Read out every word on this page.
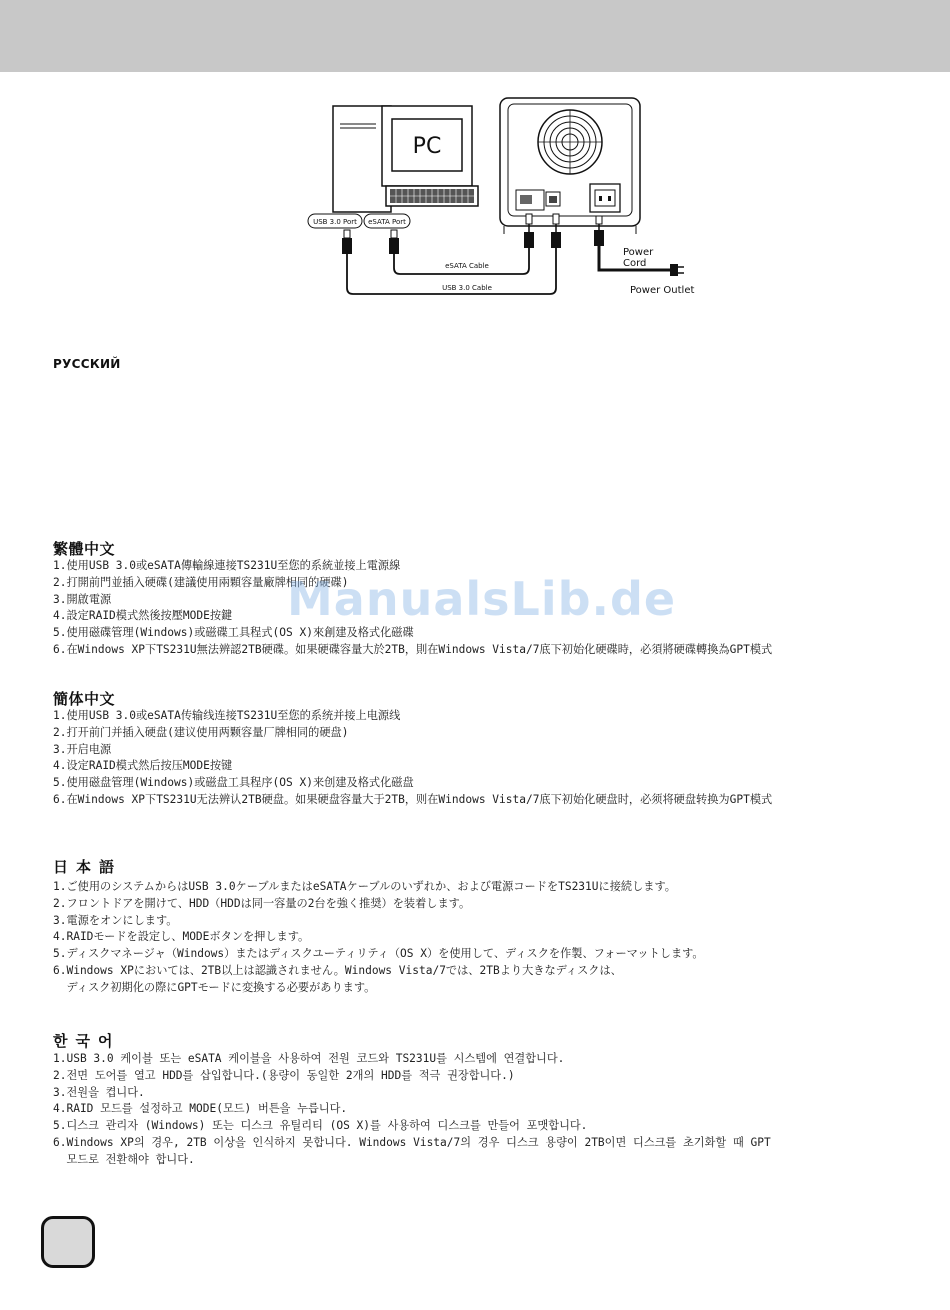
PC
USB 3.0 Port eSATA Port
eSATA Cable
USB 3.0 Cable
Power
Cord
Power Outlet
РУССКИЙ
繁體中文
1.使用USB 3.0或eSATA傳輸線連接TS231U至您的系統並接上電源線
2.打開前門並插入硬碟(建議使用兩顆容量廠牌相同的硬碟)
3.開啟電源
4.設定RAID模式然後按壓MODE按鍵
5.使用磁碟管理(Windows)或磁碟工具程式(OS X)來創建及格式化磁碟
6.在Windows XP下TS231U無法辨認2TB硬碟。如果硬碟容量大於2TB，則在Windows Vista/7底下初始化硬碟時，必須將硬碟轉換為GPT模式
簡体中文
1.使用USB 3.0或eSATA传输线连接TS231U至您的系统并接上电源线
2.打开前门并插入硬盘(建议使用两颗容量厂牌相同的硬盘)
3.开启电源
4.设定RAID模式然后按压MODE按键
5.使用磁盘管理(Windows)或磁盘工具程序(OS X)来创建及格式化磁盘
6.在Windows XP下TS231U无法辨认2TB硬盘。如果硬盘容量大于2TB，则在Windows Vista/7底下初始化硬盘时，必须将硬盘转换为GPT模式
日本語
1.ご使用のシステムからはUSB 3.0ケーブルまたはeSATAケーブルのいずれか、および電源コードをTS231Uに接続します。
2.フロントドアを開けて、HDD（HDDは同一容量の2台を強く推奨）を装着します。
3.電源をオンにします。
4.RAIDモードを設定し、MODEボタンを押します。
5.ディスクマネージャ（Windows）またはディスクユーティリティ（OS X）を使用して、ディスクを作製、フォーマットします。
6.Windows XPにおいては、2TB以上は認識されません。Windows Vista/7では、2TBより大きなディスクは、
ディスク初期化の際にGPTモードに変換する必要があります。
한국어
1.USB 3.0 케이블 또는 eSATA 케이블을 사용하여 전원 코드와 TS231U를 시스템에 연결합니다.
2.전면 도어를 열고 HDD를 삽입합니다.(용량이 동일한 2개의 HDD를 적극 권장합니다.)
3.전원을 켭니다.
4.RAID 모드를 설정하고 MODE(모드) 버튼을 누릅니다.
5.디스크 관리자 (Windows) 또는 디스크 유틸리티 (OS X)를 사용하여 디스크를 만들어 포맷합니다.
6.Windows XP의 경우, 2TB 이상을 인식하지 못합니다. Windows Vista/7의 경우 디스크 용량이 2TB이면 디스크를 초기화할 때 GPT
모드로 전환해야 합니다.
ManualsLib.de
